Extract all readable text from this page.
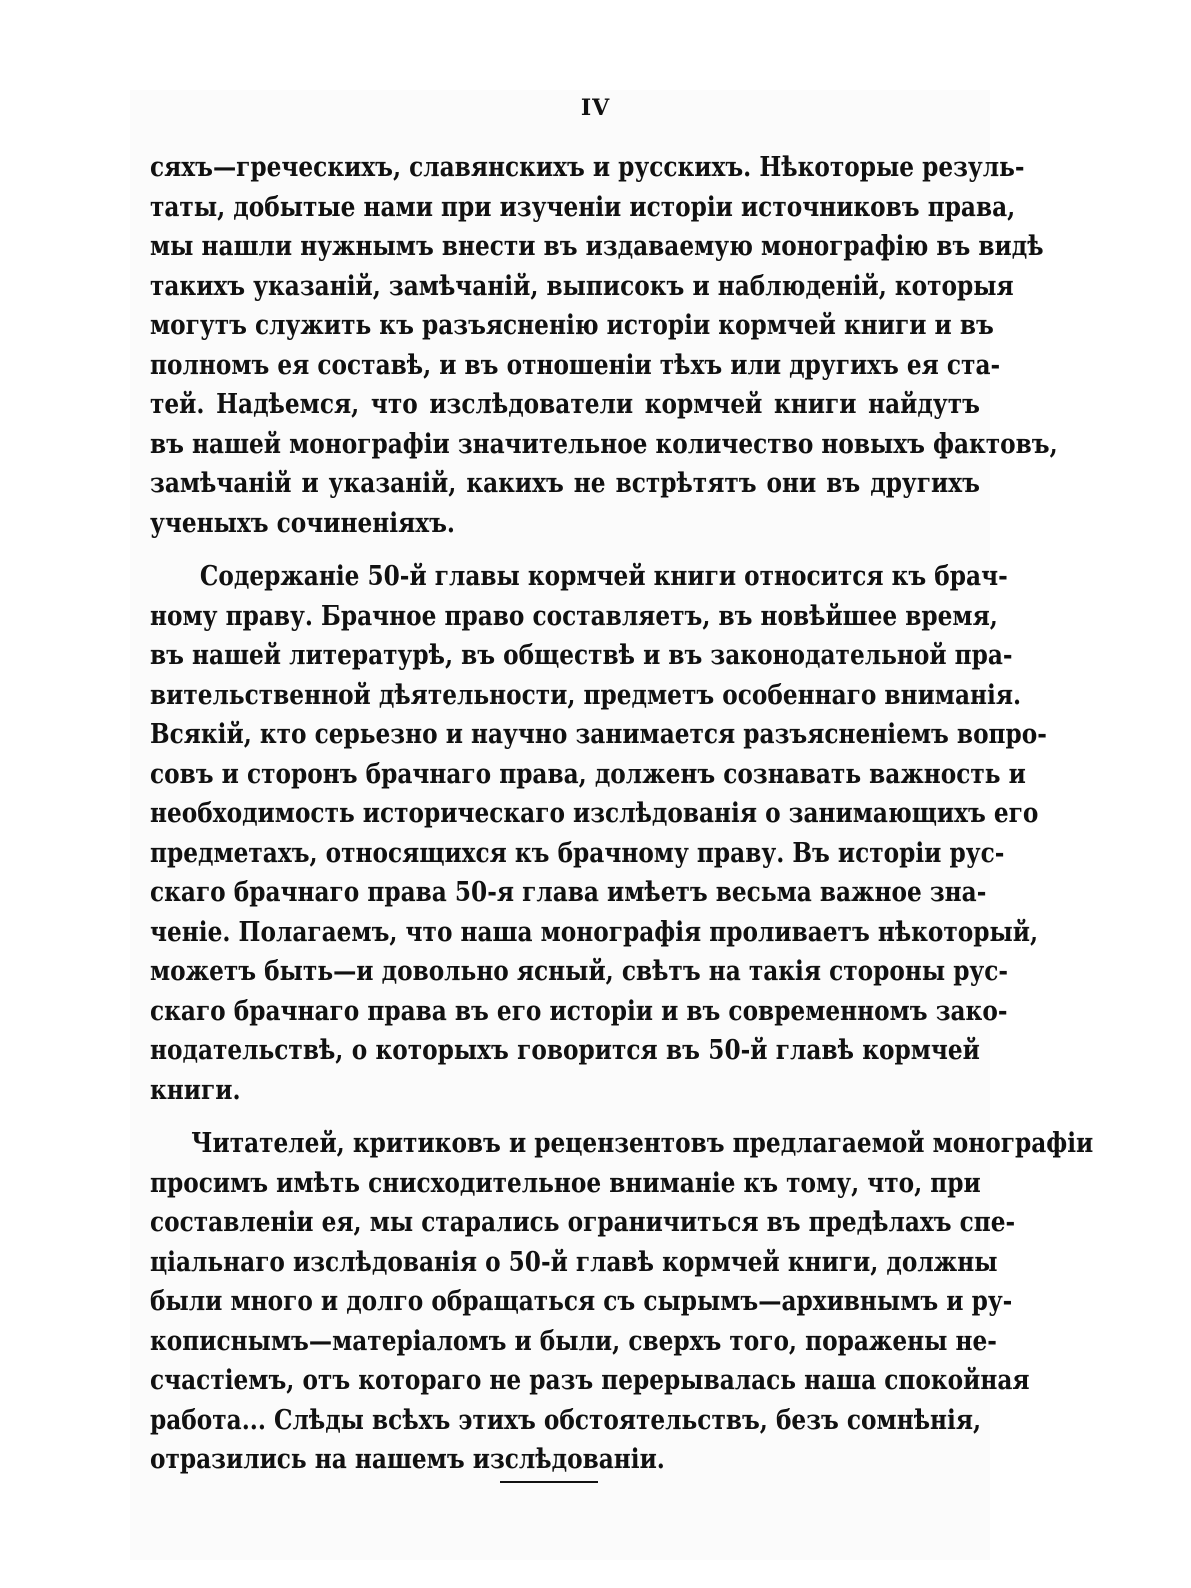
IV
сяхъ—греческихъ, славянскихъ и русскихъ. Нѣкоторые резуль-
таты, добытые нами при изученіи исторіи источниковъ права,
мы нашли нужнымъ внести въ издаваемую монографію въ видѣ
такихъ указаній, замѣчаній, выписокъ и наблюденій, которыя
могутъ служить къ разъясненію исторіи кормчей книги и въ
полномъ ея составѣ, и въ отношеніи тѣхъ или другихъ ея ста-
тей. Надѣемся, что изслѣдователи кормчей книги найдутъ
въ нашей монографіи значительное количество новыхъ фактовъ,
замѣчаній и указаній, какихъ не встрѣтятъ они въ другихъ
ученыхъ сочиненіяхъ.
Содержаніе 50-й главы кормчей книги относится къ брач-
ному праву. Брачное право составляетъ, въ новѣйшее время,
въ нашей литературѣ, въ обществѣ и въ законодательной пра-
вительственной дѣятельности, предметъ особеннаго вниманія.
Всякій, кто серьезно и научно занимается разъясненіемъ вопро-
совъ и сторонъ брачнаго права, долженъ сознавать важность и
необходимость историческаго изслѣдованія о занимающихъ его
предметахъ, относящихся къ брачному праву. Въ исторіи рус-
скаго брачнаго права 50-я глава имѣетъ весьма важное зна-
ченіе. Полагаемъ, что наша монографія проливаетъ нѣкоторый,
можетъ быть—и довольно ясный, свѣтъ на такія стороны рус-
скаго брачнаго права въ его исторіи и въ современномъ зако-
нодательствѣ, о которыхъ говорится въ 50-й главѣ кормчей
книги.
Читателей, критиковъ и рецензентовъ предлагаемой монографіи
просимъ имѣть снисходительное вниманіе къ тому, что, при
составленіи ея, мы старались ограничиться въ предѣлахъ спе-
ціальнаго изслѣдованія о 50-й главѣ кормчей книги, должны
были много и долго обращаться съ сырымъ—архивнымъ и ру-
кописнымъ—матеріаломъ и были, сверхъ того, поражены не-
счастіемъ, отъ котораго не разъ перерывалась наша спокойная
работа... Слѣды всѣхъ этихъ обстоятельствъ, безъ сомнѣнія,
отразились на нашемъ изслѣдованіи.
